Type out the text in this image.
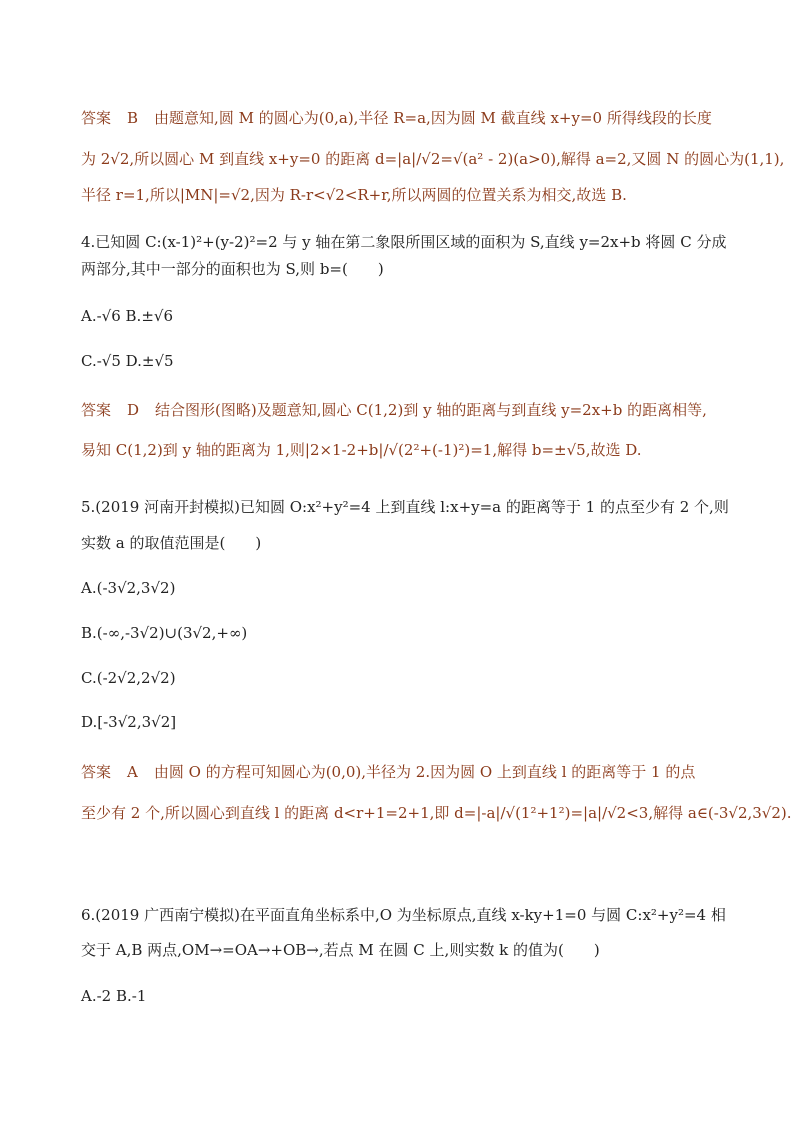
答案 B 由题意知,圆 M 的圆心为(0,a),半径 R=a,因为圆 M 截直线 x+y=0 所得线段的长度
为 2√2,所以圆心 M 到直线 x+y=0 的距离 d=|a|/√2=√(a² - 2)(a>0),解得 a=2,又圆 N 的圆心为(1,1),
半径 r=1,所以|MN|=√2,因为 R-r<√2<R+r,所以两圆的位置关系为相交,故选 B.
4.已知圆 C:(x-1)²+(y-2)²=2 与 y 轴在第二象限所围区域的面积为 S,直线 y=2x+b 将圆 C 分成
两部分,其中一部分的面积也为 S,则 b=( )
A.-√6 B.±√6
C.-√5 D.±√5
答案 D 结合图形(图略)及题意知,圆心 C(1,2)到 y 轴的距离与到直线 y=2x+b 的距离相等,
易知 C(1,2)到 y 轴的距离为 1,则|2×1-2+b|/√(2²+(-1)²)=1,解得 b=±√5,故选 D.
5.(2019 河南开封模拟)已知圆 O:x²+y²=4 上到直线 l:x+y=a 的距离等于 1 的点至少有 2 个,则
实数 a 的取值范围是( )
A.(-3√2,3√2)
B.(-∞,-3√2)∪(3√2,+∞)
C.(-2√2,2√2)
D.[-3√2,3√2]
答案 A 由圆 O 的方程可知圆心为(0,0),半径为 2.因为圆 O 上到直线 l 的距离等于 1 的点
至少有 2 个,所以圆心到直线 l 的距离 d<r+1=2+1,即 d=|-a|/√(1²+1²)=|a|/√2<3,解得 a∈(-3√2,3√2).
6.(2019 广西南宁模拟)在平面直角坐标系中,O 为坐标原点,直线 x-ky+1=0 与圆 C:x²+y²=4 相
交于 A,B 两点,OM→=OA→+OB→,若点 M 在圆 C 上,则实数 k 的值为( )
A.-2 B.-1
